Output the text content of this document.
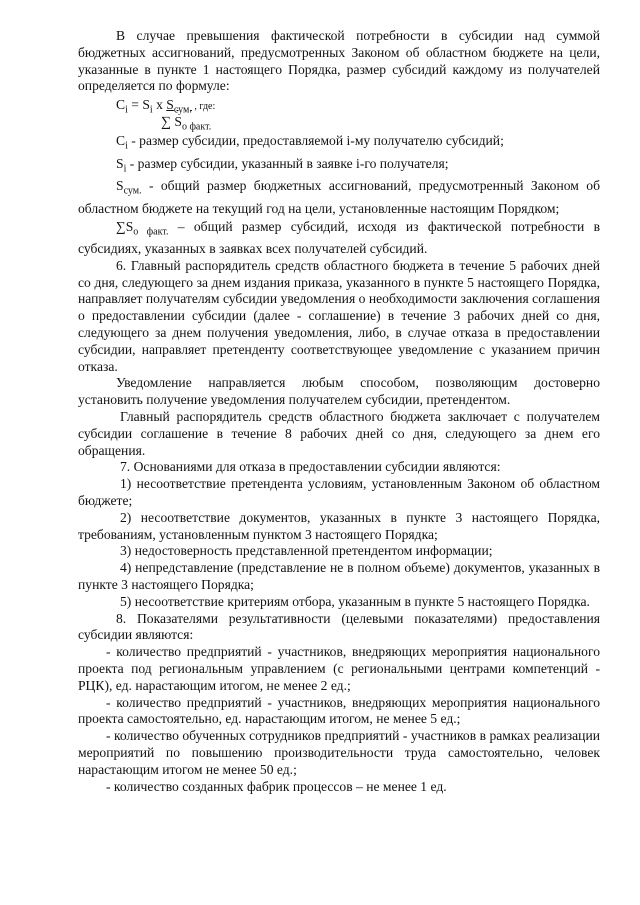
В случае превышения фактической потребности в субсидии над суммой бюджетных ассигнований, предусмотренных Законом об областном бюджете на цели, указанные в пункте 1 настоящего Порядка, размер субсидий каждому из получателей определяется по формуле:

$C_i = S_i$ x $S_{сум.}$ , где:
∑ $S_{о факт.}$

$C_i$ - размер субсидии, предоставляемой i-му получателю субсидий;

$S_i$ - размер субсидии, указанный в заявке i-го получателя;

$S_{сум.}$ - общий размер бюджетных ассигнований, предусмотренный Законом об областном бюджете на текущий год на цели, установленные настоящим Порядком;

$\sum S_{о факт.}$ – общий размер субсидий, исходя из фактической потребности в субсидиях, указанных в заявках всех получателей субсидий.

6. Главный распорядитель средств областного бюджета в течение 5 рабочих дней со дня, следующего за днем издания приказа, указанного в пункте 5 настоящего Порядка, направляет получателям субсидии уведомления о необходимости заключения соглашения о предоставлении субсидии (далее - соглашение) в течение 3 рабочих дней со дня, следующего за днем получения уведомления, либо, в случае отказа в предоставлении субсидии, направляет претенденту соответствующее уведомление с указанием причин отказа.

Уведомление направляется любым способом, позволяющим достоверно установить получение уведомления получателем субсидии, претендентом.

Главный распорядитель средств областного бюджета заключает с получателем субсидии соглашение в течение 8 рабочих дней со дня, следующего за днем его обращения.

7. Основаниями для отказа в предоставлении субсидии являются:

1) несоответствие претендента условиям, установленным Законом об областном бюджете;

2) несоответствие документов, указанных в пункте 3 настоящего Порядка, требованиям, установленным пунктом 3 настоящего Порядка;

3) недостоверность представленной претендентом информации;

4) непредставление (представление не в полном объеме) документов, указанных в пункте 3 настоящего Порядка;

5) несоответствие критериям отбора, указанным в пункте 5 настоящего Порядка.

8. Показателями результативности (целевыми показателями) предоставления субсидии являются:

- количество предприятий - участников, внедряющих мероприятия национального проекта под региональным управлением (с региональными центрами компетенций - РЦК), ед. нарастающим итогом, не менее 2 ед.;

- количество предприятий - участников, внедряющих мероприятия национального проекта самостоятельно, ед. нарастающим итогом, не менее 5 ед.;

- количество обученных сотрудников предприятий - участников в рамках реализации мероприятий по повышению производительности труда самостоятельно, человек нарастающим итогом не менее 50 ед.;

- количество созданных фабрик процессов – не менее 1 ед.
